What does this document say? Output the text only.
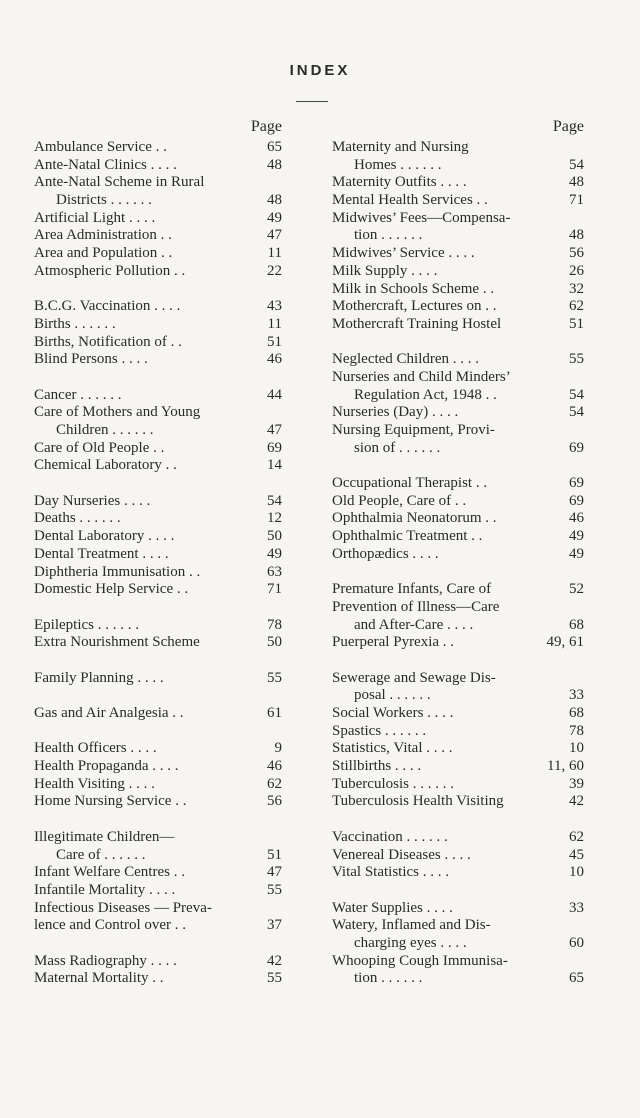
INDEX
Page
Ambulance Service . .	65
Ante-Natal Clinics . . . .	48
Ante-Natal Scheme in Rural
Districts . . . . . .	48
Artificial Light . . . .	49
Area Administration . .	47
Area and Population . .	11
Atmospheric Pollution . .	22
B.C.G. Vaccination . . . .	43
Births . . . . . .	11
Births, Notification of . .	51
Blind Persons . . . .	46
Cancer . . . . . .	44
Care of Mothers and Young
Children . . . . . .	47
Care of Old People . .	69
Chemical Laboratory . .	14
Day Nurseries . . . .	54
Deaths . . . . . .	12
Dental Laboratory . . . .	50
Dental Treatment . . . .	49
Diphtheria Immunisation . .	63
Domestic Help Service . .	71
Epileptics . . . . . .	78
Extra Nourishment Scheme	50
Family Planning . . . .	55
Gas and Air Analgesia . .	61
Health Officers . . . .	9
Health Propaganda . . . .	46
Health Visiting . . . .	62
Home Nursing Service . .	56
Illegitimate Children—
Care of . . . . . .	51
Infant Welfare Centres . .	47
Infantile Mortality . . . .	55
Infectious Diseases — Preva-
lence and Control over . .	37
Mass Radiography . . . .	42
Maternal Mortality . .	55
Page
Maternity and Nursing
Homes . . . . . .	54
Maternity Outfits . . . .	48
Mental Health Services . .	71
Midwives’ Fees—Compensa-
tion . . . . . .	48
Midwives’ Service . . . .	56
Milk Supply . . . .	26
Milk in Schools Scheme . .	32
Mothercraft, Lectures on . .	62
Mothercraft Training Hostel	51
Neglected Children . . . .	55
Nurseries and Child Minders’
Regulation Act, 1948 . .	54
Nurseries (Day) . . . .	54
Nursing Equipment, Provi-
sion of . . . . . .	69
Occupational Therapist . .	69
Old People, Care of . .	69
Ophthalmia Neonatorum . .	46
Ophthalmic Treatment . .	49
Orthopædics . . . .	49
Premature Infants, Care of	52
Prevention of Illness—Care
and After-Care . . . .	68
Puerperal Pyrexia . .	49, 61
Sewerage and Sewage Dis-
posal . . . . . .	33
Social Workers . . . .	68
Spastics . . . . . .	78
Statistics, Vital . . . .	10
Stillbirths . . . .	11, 60
Tuberculosis . . . . . .	39
Tuberculosis Health Visiting	42
Vaccination . . . . . .	62
Venereal Diseases . . . .	45
Vital Statistics . . . .	10
Water Supplies . . . .	33
Watery, Inflamed and Dis-
charging eyes . . . .	60
Whooping Cough Immunisa-
tion . . . . . .	65
